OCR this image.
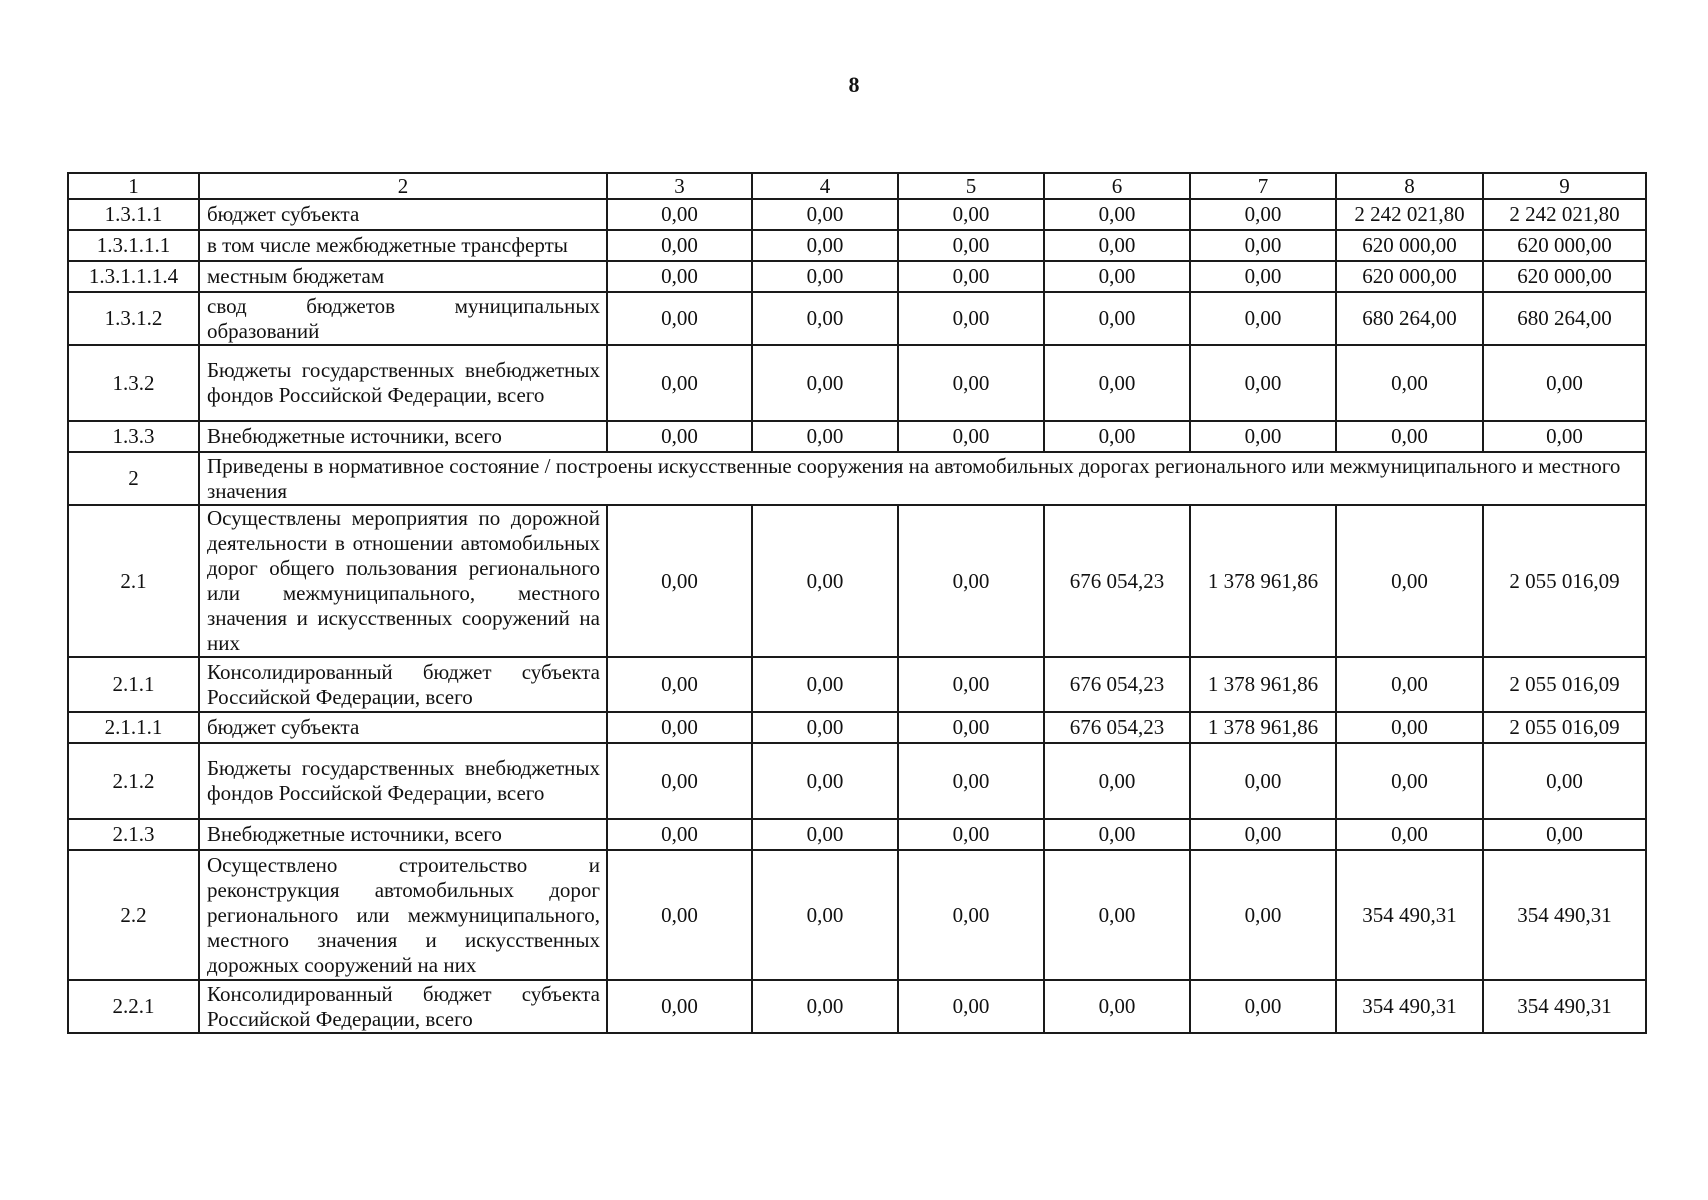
8
1	2	3	4	5	6	7	8	9
1.3.1.1	бюджет субъекта	0,00	0,00	0,00	0,00	0,00	2 242 021,80	2 242 021,80
1.3.1.1.1	в том числе межбюджетные трансферты	0,00	0,00	0,00	0,00	0,00	620 000,00	620 000,00
1.3.1.1.1.4	местным бюджетам	0,00	0,00	0,00	0,00	0,00	620 000,00	620 000,00
1.3.1.2	свод бюджетов муниципальных образований	0,00	0,00	0,00	0,00	0,00	680 264,00	680 264,00
1.3.2	Бюджеты государственных внебюджетных фондов Российской Федерации, всего	0,00	0,00	0,00	0,00	0,00	0,00	0,00
1.3.3	Внебюджетные источники, всего	0,00	0,00	0,00	0,00	0,00	0,00	0,00
2	Приведены в нормативное состояние / построены искусственные сооружения на автомобильных дорогах регионального или межмуниципального и местного значения							
2.1	Осуществлены мероприятия по дорожной деятельности в отношении автомобильных дорог общего пользования регионального или межмуниципального, местного значения и искусственных сооружений на них	0,00	0,00	0,00	676 054,23	1 378 961,86	0,00	2 055 016,09
2.1.1	Консолидированный бюджет субъекта Российской Федерации, всего	0,00	0,00	0,00	676 054,23	1 378 961,86	0,00	2 055 016,09
2.1.1.1	бюджет субъекта	0,00	0,00	0,00	676 054,23	1 378 961,86	0,00	2 055 016,09
2.1.2	Бюджеты государственных внебюджетных фондов Российской Федерации, всего	0,00	0,00	0,00	0,00	0,00	0,00	0,00
2.1.3	Внебюджетные источники, всего	0,00	0,00	0,00	0,00	0,00	0,00	0,00
2.2	Осуществлено строительство и реконструкция автомобильных дорог регионального или межмуниципального, местного значения и искусственных дорожных сооружений на них	0,00	0,00	0,00	0,00	0,00	354 490,31	354 490,31
2.2.1	Консолидированный бюджет субъекта Российской Федерации, всего	0,00	0,00	0,00	0,00	0,00	354 490,31	354 490,31
